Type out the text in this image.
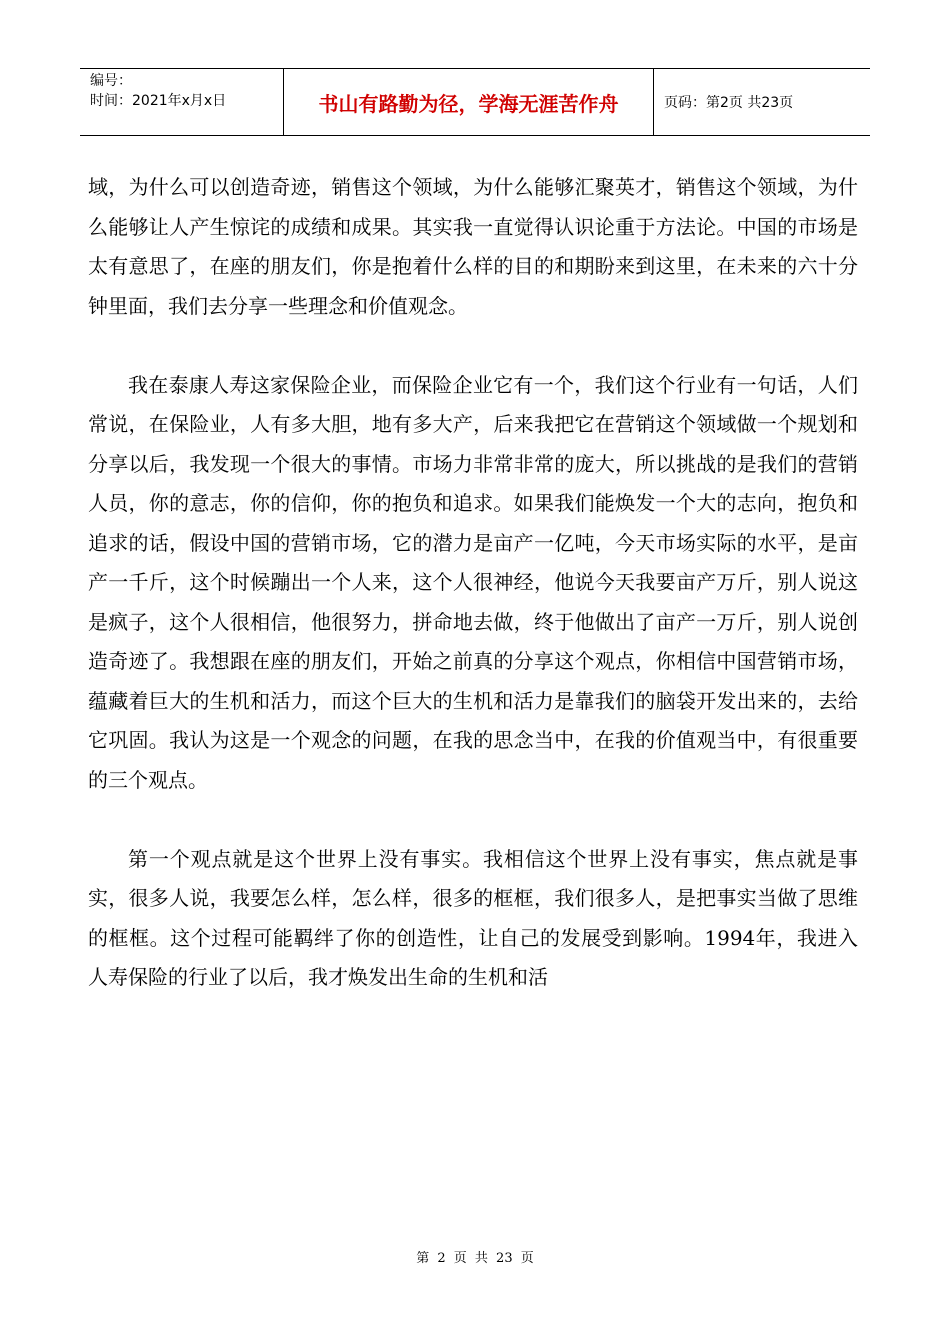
编号：
时间：2021年x月x日	书山有路勤为径，学海无涯苦作舟	页码：第2页 共23页

域，为什么可以创造奇迹，销售这个领域，为什么能够汇聚英才，销售这个领域，为什么能够让人产生惊诧的成绩和成果。其实我一直觉得认识论重于方法论。中国的市场是太有意思了，在座的朋友们，你是抱着什么样的目的和期盼来到这里，在未来的六十分钟里面，我们去分享一些理念和价值观念。

我在泰康人寿这家保险企业，而保险企业它有一个，我们这个行业有一句话，人们常说，在保险业，人有多大胆，地有多大产，后来我把它在营销这个领域做一个规划和分享以后，我发现一个很大的事情。市场力非常非常的庞大，所以挑战的是我们的营销人员，你的意志，你的信仰，你的抱负和追求。如果我们能焕发一个大的志向，抱负和追求的话，假设中国的营销市场，它的潜力是亩产一亿吨，今天市场实际的水平，是亩产一千斤，这个时候蹦出一个人来，这个人很神经，他说今天我要亩产万斤，别人说这是疯子，这个人很相信，他很努力，拼命地去做，终于他做出了亩产一万斤，别人说创造奇迹了。我想跟在座的朋友们，开始之前真的分享这个观点，你相信中国营销市场，蕴藏着巨大的生机和活力，而这个巨大的生机和活力是靠我们的脑袋开发出来的，去给它巩固。我认为这是一个观念的问题，在我的思念当中，在我的价值观当中，有很重要的三个观点。

第一个观点就是这个世界上没有事实。我相信这个世界上没有事实，焦点就是事实，很多人说，我要怎么样，怎么样，很多的框框，我们很多人，是把事实当做了思维的框框。这个过程可能羁绊了你的创造性，让自己的发展受到影响。1994年，我进入人寿保险的行业了以后，我才焕发出生命的生机和活

第 2 页 共 23 页
